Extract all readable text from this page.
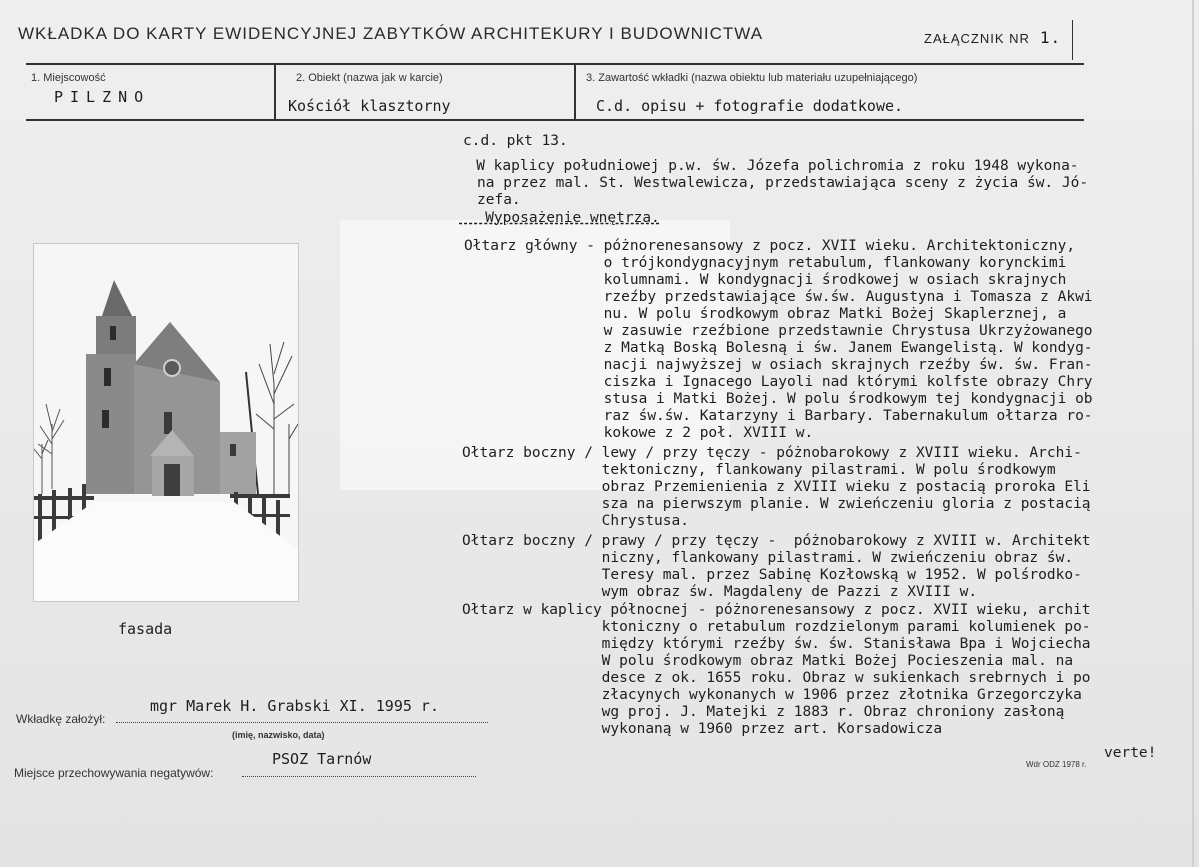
WKŁADKA DO KARTY EWIDENCYJNEJ ZABYTKÓW ARCHITEKURY I BUDOWNICTWA	ZAŁĄCZNIK NR 1.
1. Miejscowość
PILZNO
2. Obiekt (nazwa jak w karcie)
Kościół klasztorny
3. Zawartość wkładki (nazwa obiektu lub materiału uzupełniającego)
C.d. opisu + fotografie dodatkowe.
fasada
c.d. pkt 13.
W kaplicy południowej p.w. św. Józefa polichromia z roku 1948 wykona-
na przez mal. St. Westwalewicza, przedstawiająca sceny z życia św. Jó-
zefa.
Wyposażenie wnętrza.
Ołtarz główny - póżnorenesansowy z pocz. XVII wieku. Architektoniczny,
o trójkondygnacyjnym retabulum, flankowany korynckimi
kolumnami. W kondygnacji środkowej w osiach skrajnych
rzeźby przedstawiające św.św. Augustyna i Tomasza z Akwi
nu. W polu środkowym obraz Matki Bożej Skaplerznej, a
w zasuwie rzeźbione przedstawnie Chrystusa Ukrzyżowanego
z Matką Boską Bolesną i św. Janem Ewangelistą. W kondyg-
nacji najwyższej w osiach skrajnych rzeźby św. św. Fran-
ciszka i Ignacego Layoli nad którymi kolfste obrazy Chry
stusa i Matki Bożej. W polu środkowym tej kondygnacji ob
raz św.św. Katarzyny i Barbary. Tabernakulum ołtarza ro-
kokowe z 2 poł. XVIII w.
Ołtarz boczny / lewy / przy tęczy - póżnobarokowy z XVIII wieku. Archi-
tektoniczny, flankowany pilastrami. W polu środkowym
obraz Przemienienia z XVIII wieku z postacią proroka Eli
sza na pierwszym planie. W zwieńczeniu gloria z postacią
Chrystusa.
Ołtarz boczny / prawy / przy tęczy -  póżnobarokowy z XVIII w. Architekt
niczny, flankowany pilastrami. W zwieńczeniu obraz św.
Teresy mal. przez Sabinę Kozłowską w 1952. W polśrodko-
wym obraz św. Magdaleny de Pazzi z XVIII w.
Ołtarz w kaplicy północnej - póżnorenesansowy z pocz. XVII wieku, archit
ktoniczny o retabulum rozdzielonym parami kolumienek po-
między którymi rzeźby św. św. Stanisława Bpa i Wojciecha
W polu środkowym obraz Matki Bożej Pocieszenia mal. na
desce z ok. 1655 roku. Obraz w sukienkach srebrnych i po
złacynych wykonanych w 1906 przez złotnika Grzegorczyka
wg proj. J. Matejki z 1883 r. Obraz chroniony zasłoną
wykonaną w 1960 przez art. Korsadowicza
verte!
mgr Marek H. Grabski XI. 1995 r.
Wkładkę założył:
(imię, nazwisko, data)
PSOZ Tarnów
Miejsce przechowywania negatywów:
Wdr ODZ 1978 r.
